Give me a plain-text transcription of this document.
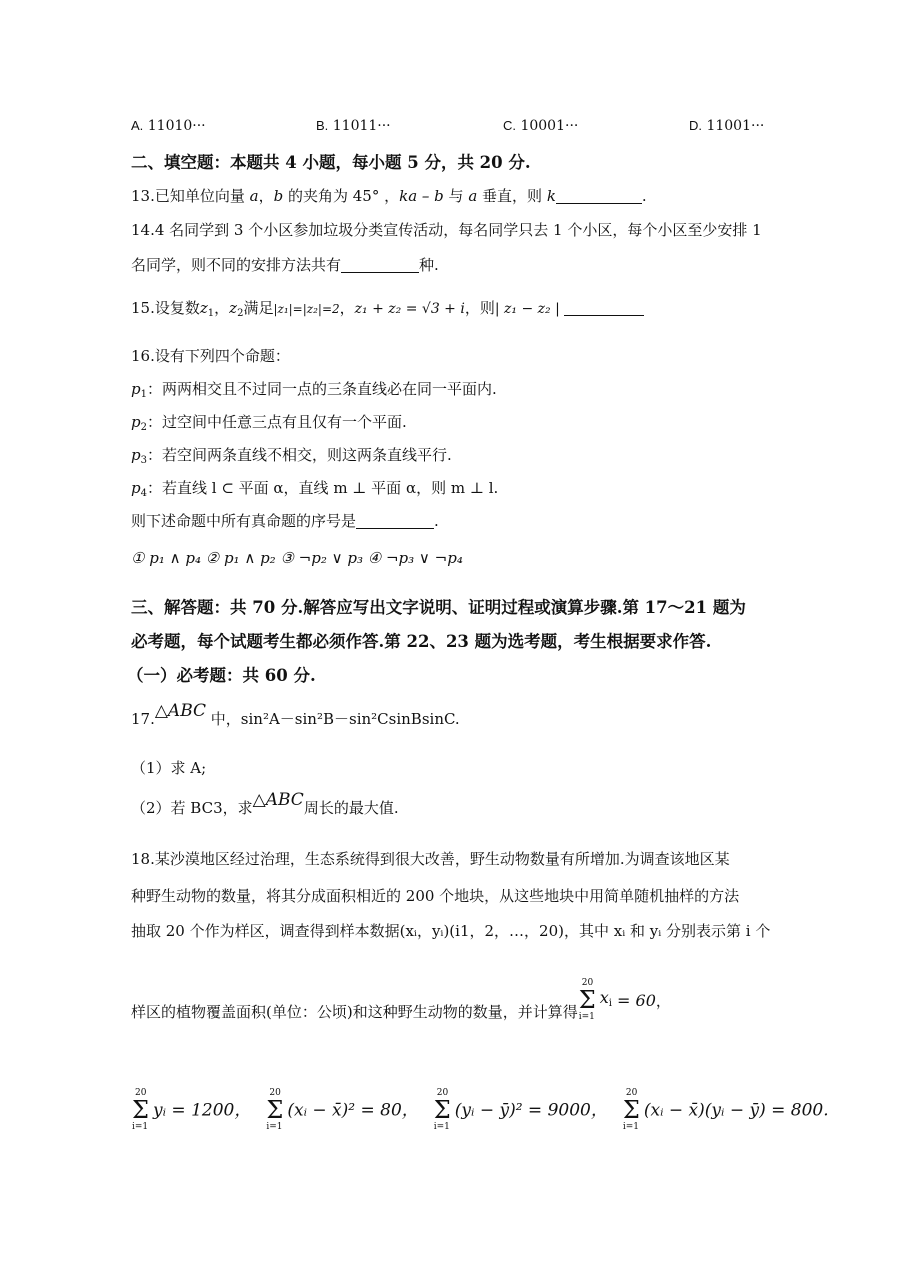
A. 11010···	B. 11011···	C. 10001···	D. 11001···
二、填空题：本题共 4 小题，每小题 5 分，共 20 分.
13.已知单位向量 a，b 的夹角为 45° ，ka – b 与 a 垂直，则 k	.
14.4 名同学到 3 个小区参加垃圾分类宣传活动，每名同学只去 1 个小区，每个小区至少安排 1
名同学，则不同的安排方法共有	种.
15.设复数$z_1$，$z_2$满足|z₁|=|z₂|=2，z₁ + z₂ = √3 + i，则| z₁ − z₂ |
16.设有下列四个命题：
$p_1$：两两相交且不过同一点的三条直线必在同一平面内.
$p_2$：过空间中任意三点有且仅有一个平面.
$p_3$：若空间两条直线不相交，则这两条直线平行.
$p_4$：若直线 l ⊂ 平面 α，直线 m ⊥ 平面 α，则 m ⊥ l.
则下述命题中所有真命题的序号是	.
① p₁ ∧ p₄ ② p₁ ∧ p₂ ③ ¬p₂ ∨ p₃ ④ ¬p₃ ∨ ¬p₄
三、解答题：共 70 分.解答应写出文字说明、证明过程或演算步骤.第 17～21 题为
必考题，每个试题考生都必须作答.第 22、23 题为选考题，考生根据要求作答.
（一）必考题：共 60 分.
17.△ABC 中，sin²A－sin²B－sin²CsinBsinC.
（1）求 A;
（2）若 BC3，求△ABC周长的最大值.
18.某沙漠地区经过治理，生态系统得到很大改善，野生动物数量有所增加.为调查该地区某
种野生动物的数量，将其分成面积相近的 200 个地块，从这些地块中用简单随机抽样的方法
抽取 20 个作为样区，调查得到样本数据(xᵢ，yᵢ)(i1，2，…，20)，其中 xᵢ 和 yᵢ 分别表示第 i 个
样区的植物覆盖面积(单位：公顷)和这种野生动物的数量，并计算得
20
Σ
i=1
$x_i = 60$，
20
Σ
i=1
yᵢ = 1200，
20
Σ
i=1
(xᵢ − x̄)² = 80，
20
Σ
i=1
(yᵢ − ȳ)² = 9000，
20
Σ
i=1
(xᵢ − x̄)(yᵢ − ȳ) = 800.
